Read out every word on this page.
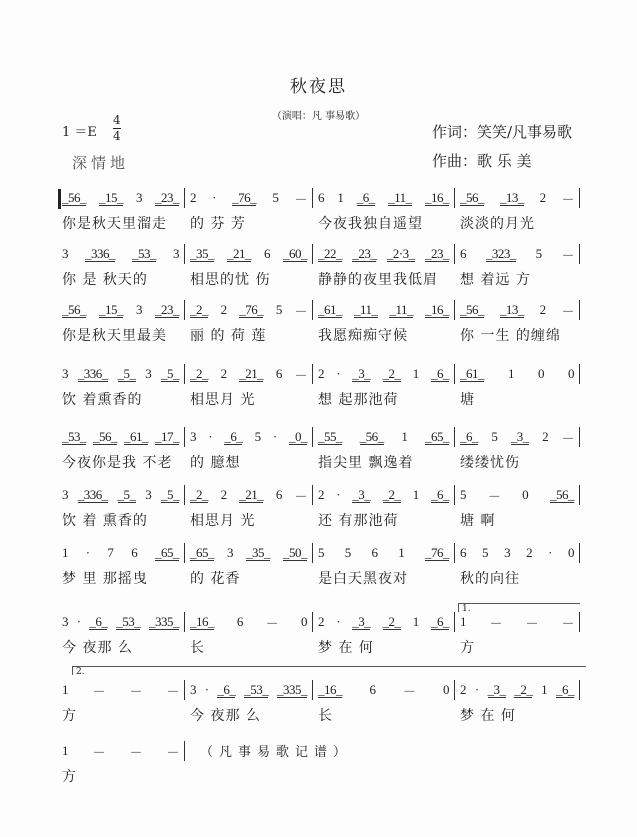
秋夜思
（演唱：凡 事易歌）
$1 =E \frac{4}{4}$
深情地
作词：笑笑/凡事易歌
作曲：歌 乐 美
1.
2.
（凡事易歌记谱）
_56_ _15_ 3 _23_ 2 · _76_ 5 － 6 1 _6_ _11_ _16_ _56_ _13_ 2 －
你是秋天里溜走	的 芬 芳	今夜我独自遥望	淡淡的月光
3 _336_ _53_ 3 _35_ _21_ 6 _60_ _22_ _23_ _2·3_ _23_ 6 _323_ 5 －
你 是 秋天的	相思的忧 伤	静静的夜里我低眉	想 着远 方
_56_ _15_ 3 _23_ _2_ 2 _76_ 5 － _61_ _11_ _11_ _16_ _56_ _13_ 2 －
你是秋天里最美	丽 的 荷 莲	我愿痴痴守候	你 一生 的缠绵
3 _336_ _5_ 3 _5_ _2_ 2 _21_ 6 － 2 · _3_ _2_ 1 _6_ _61_ 1 0 0
饮 着熏香的	相思月 光	想 起那池荷	塘
_53_ _56_ _61_ _17_ 3 · _6_ 5 · _0_ _55_ _56_ 1 _65_ _6_ 5 _3_ 2 －
今夜你是我 不老	的 臆想	指尖里 飘逸着	缕缕忧伤
3 _336_ _5_ 3 _5_ _2_ 2 _21_ 6 － 2 · _3_ _2_ 1 _6_ 5 － 0 _56_
饮 着 熏香的	相思月 光	还 有那池荷	塘 啊
1 · 7 6 _65_ _65_ 3 _35_ _50_ 5 5 6 1 _76_ 6 5 3 2 · 0
梦 里 那摇曳	的 花香	是白天黑夜对	秋的向往
3 · _6_ _53_ _335_ _16_ 6 － 0 2 · _3_ _2_ 1 _6_ 1 － － －
今 夜那 么	长	梦 在 何	方
1 － － － 3 · _6_ _53_ _335_ _16_ 6 － 0 2 · _3_ _2_ 1 _6_
方	今 夜那 么	长	梦 在 何
1 － － －
方
